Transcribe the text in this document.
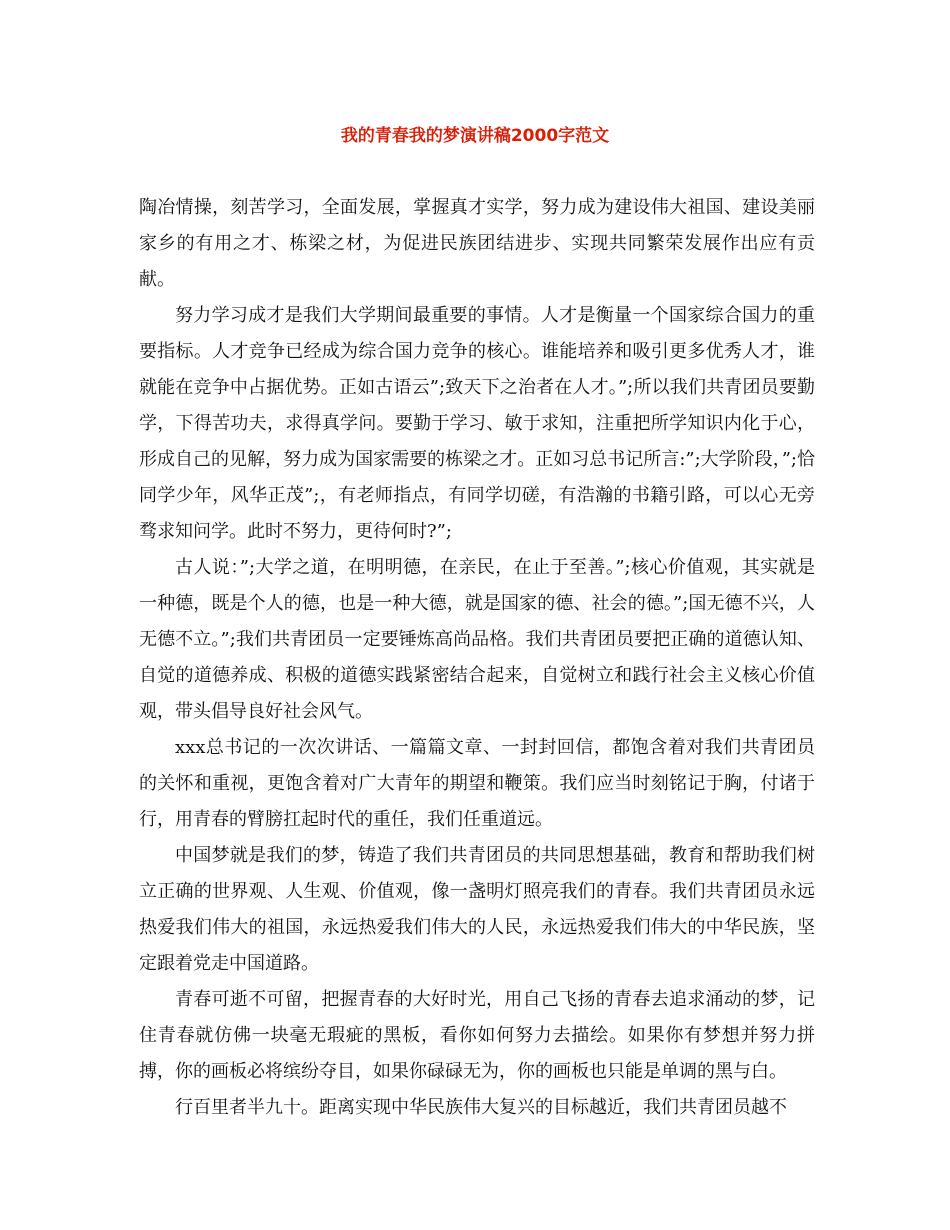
我的青春我的梦演讲稿2000字范文

陶冶情操，刻苦学习，全面发展，掌握真才实学，努力成为建设伟大祖国、建设美丽家乡的有用之才、栋梁之材，为促进民族团结进步、实现共同繁荣发展作出应有贡献。

努力学习成才是我们大学期间最重要的事情。人才是衡量一个国家综合国力的重要指标。人才竞争已经成为综合国力竞争的核心。谁能培养和吸引更多优秀人才，谁就能在竞争中占据优势。正如古语云”;致天下之治者在人才。”;所以我们共青团员要勤学，下得苦功夫，求得真学问。要勤于学习、敏于求知，注重把所学知识内化于心，形成自己的见解，努力成为国家需要的栋梁之才。正如习总书记所言:”;大学阶段，”;恰同学少年，风华正茂”;，有老师指点，有同学切磋，有浩瀚的书籍引路，可以心无旁骛求知问学。此时不努力，更待何时?”;

古人说：”;大学之道，在明明德，在亲民，在止于至善。”;核心价值观，其实就是一种德，既是个人的德，也是一种大德，就是国家的德、社会的德。”;国无德不兴，人无德不立。”;我们共青团员一定要锤炼高尚品格。我们共青团员要把正确的道德认知、自觉的道德养成、积极的道德实践紧密结合起来，自觉树立和践行社会主义核心价值观，带头倡导良好社会风气。

xxx总书记的一次次讲话、一篇篇文章、一封封回信，都饱含着对我们共青团员的关怀和重视，更饱含着对广大青年的期望和鞭策。我们应当时刻铭记于胸，付诸于行，用青春的臂膀扛起时代的重任，我们任重道远。

中国梦就是我们的梦，铸造了我们共青团员的共同思想基础，教育和帮助我们树立正确的世界观、人生观、价值观，像一盏明灯照亮我们的青春。我们共青团员永远热爱我们伟大的祖国，永远热爱我们伟大的人民，永远热爱我们伟大的中华民族，坚定跟着党走中国道路。

青春可逝不可留，把握青春的大好时光，用自己飞扬的青春去追求涌动的梦，记住青春就仿佛一块毫无瑕疵的黑板，看你如何努力去描绘。如果你有梦想并努力拼搏，你的画板必将缤纷夺目，如果你碌碌无为，你的画板也只能是单调的黑与白。

行百里者半九十。距离实现中华民族伟大复兴的目标越近，我们共青团员越不
